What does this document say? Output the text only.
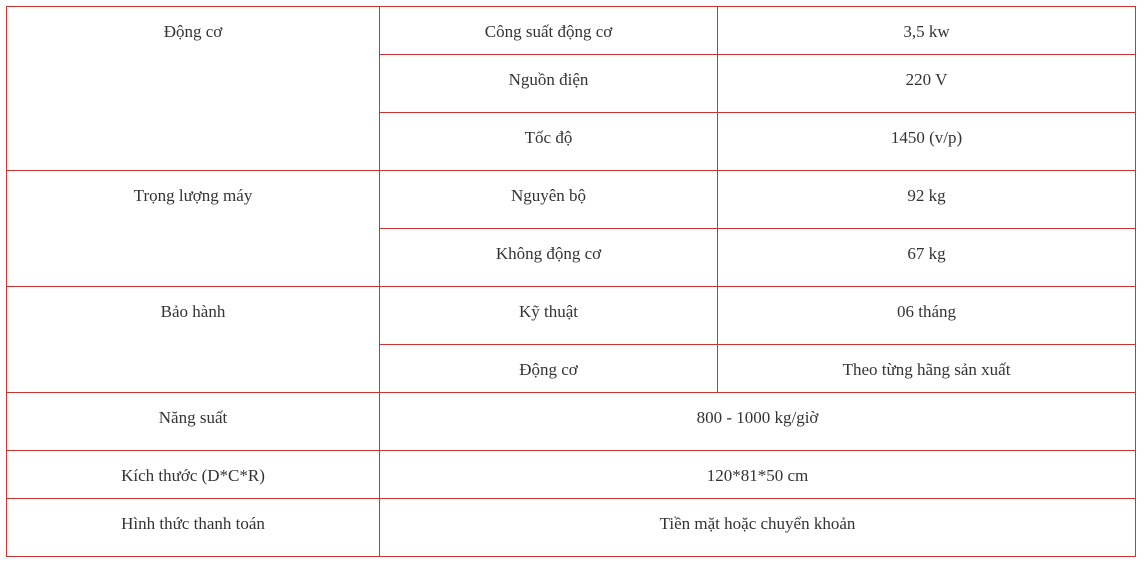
Động cơ	Công suất động cơ	3,5 kw
	Nguồn điện	220 V
	Tốc độ	1450 (v/p)
Trọng lượng máy	Nguyên bộ	92 kg
	Không động cơ	67 kg
Bảo hành	Kỹ thuật	06 tháng
	Động cơ	Theo từng hãng sản xuất
Năng suất	800 - 1000 kg/giờ	
Kích thước (D*C*R)	120*81*50 cm	
Hình thức thanh toán	Tiền mặt hoặc chuyển khoản	
